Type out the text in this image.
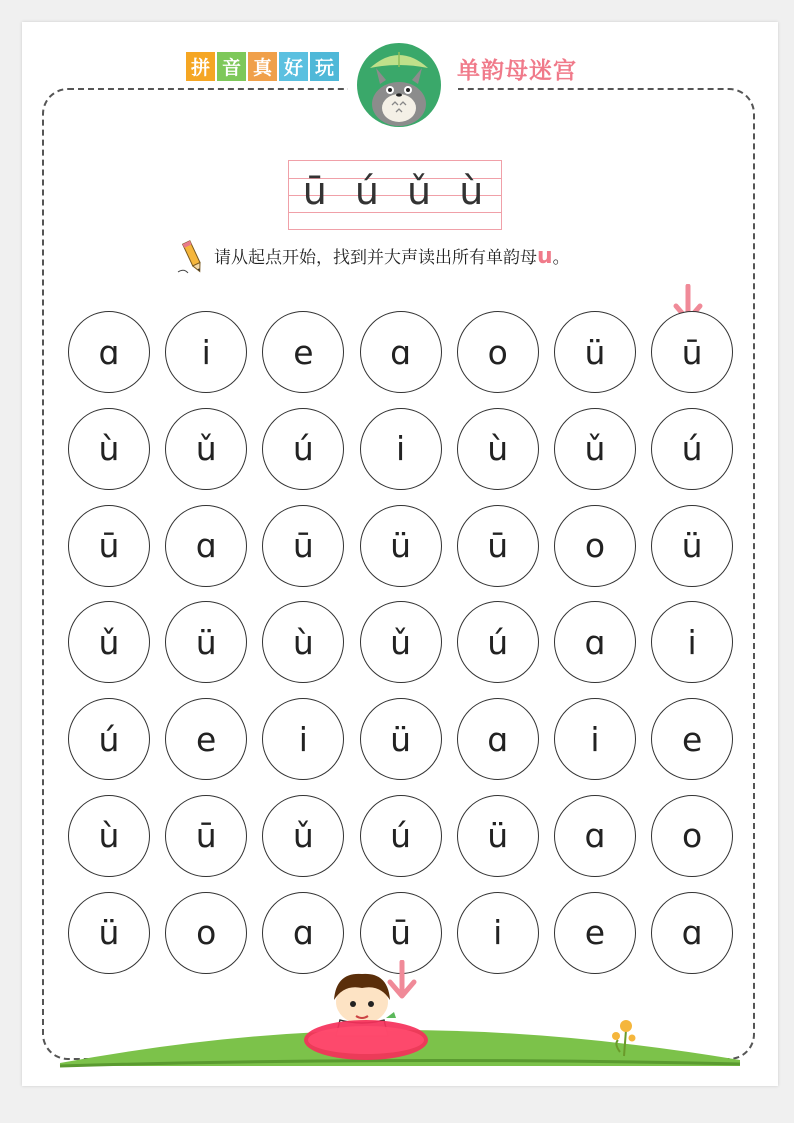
拼 音 真 好 玩	单韵母迷宫
ū ú ǔ ù
请从起点开始，找到并大声读出所有单韵母u。
ɑ	i	e	ɑ	o	ü	ū
ù	ǔ	ú	i	ù	ǔ	ú
ū	ɑ	ū	ü	ū	o	ü
ǔ	ü	ù	ǔ	ú	ɑ	i
ú	e	i	ü	ɑ	i	e
ù	ū	ǔ	ú	ü	ɑ	o
ü	o	ɑ	ū	i	e	ɑ
